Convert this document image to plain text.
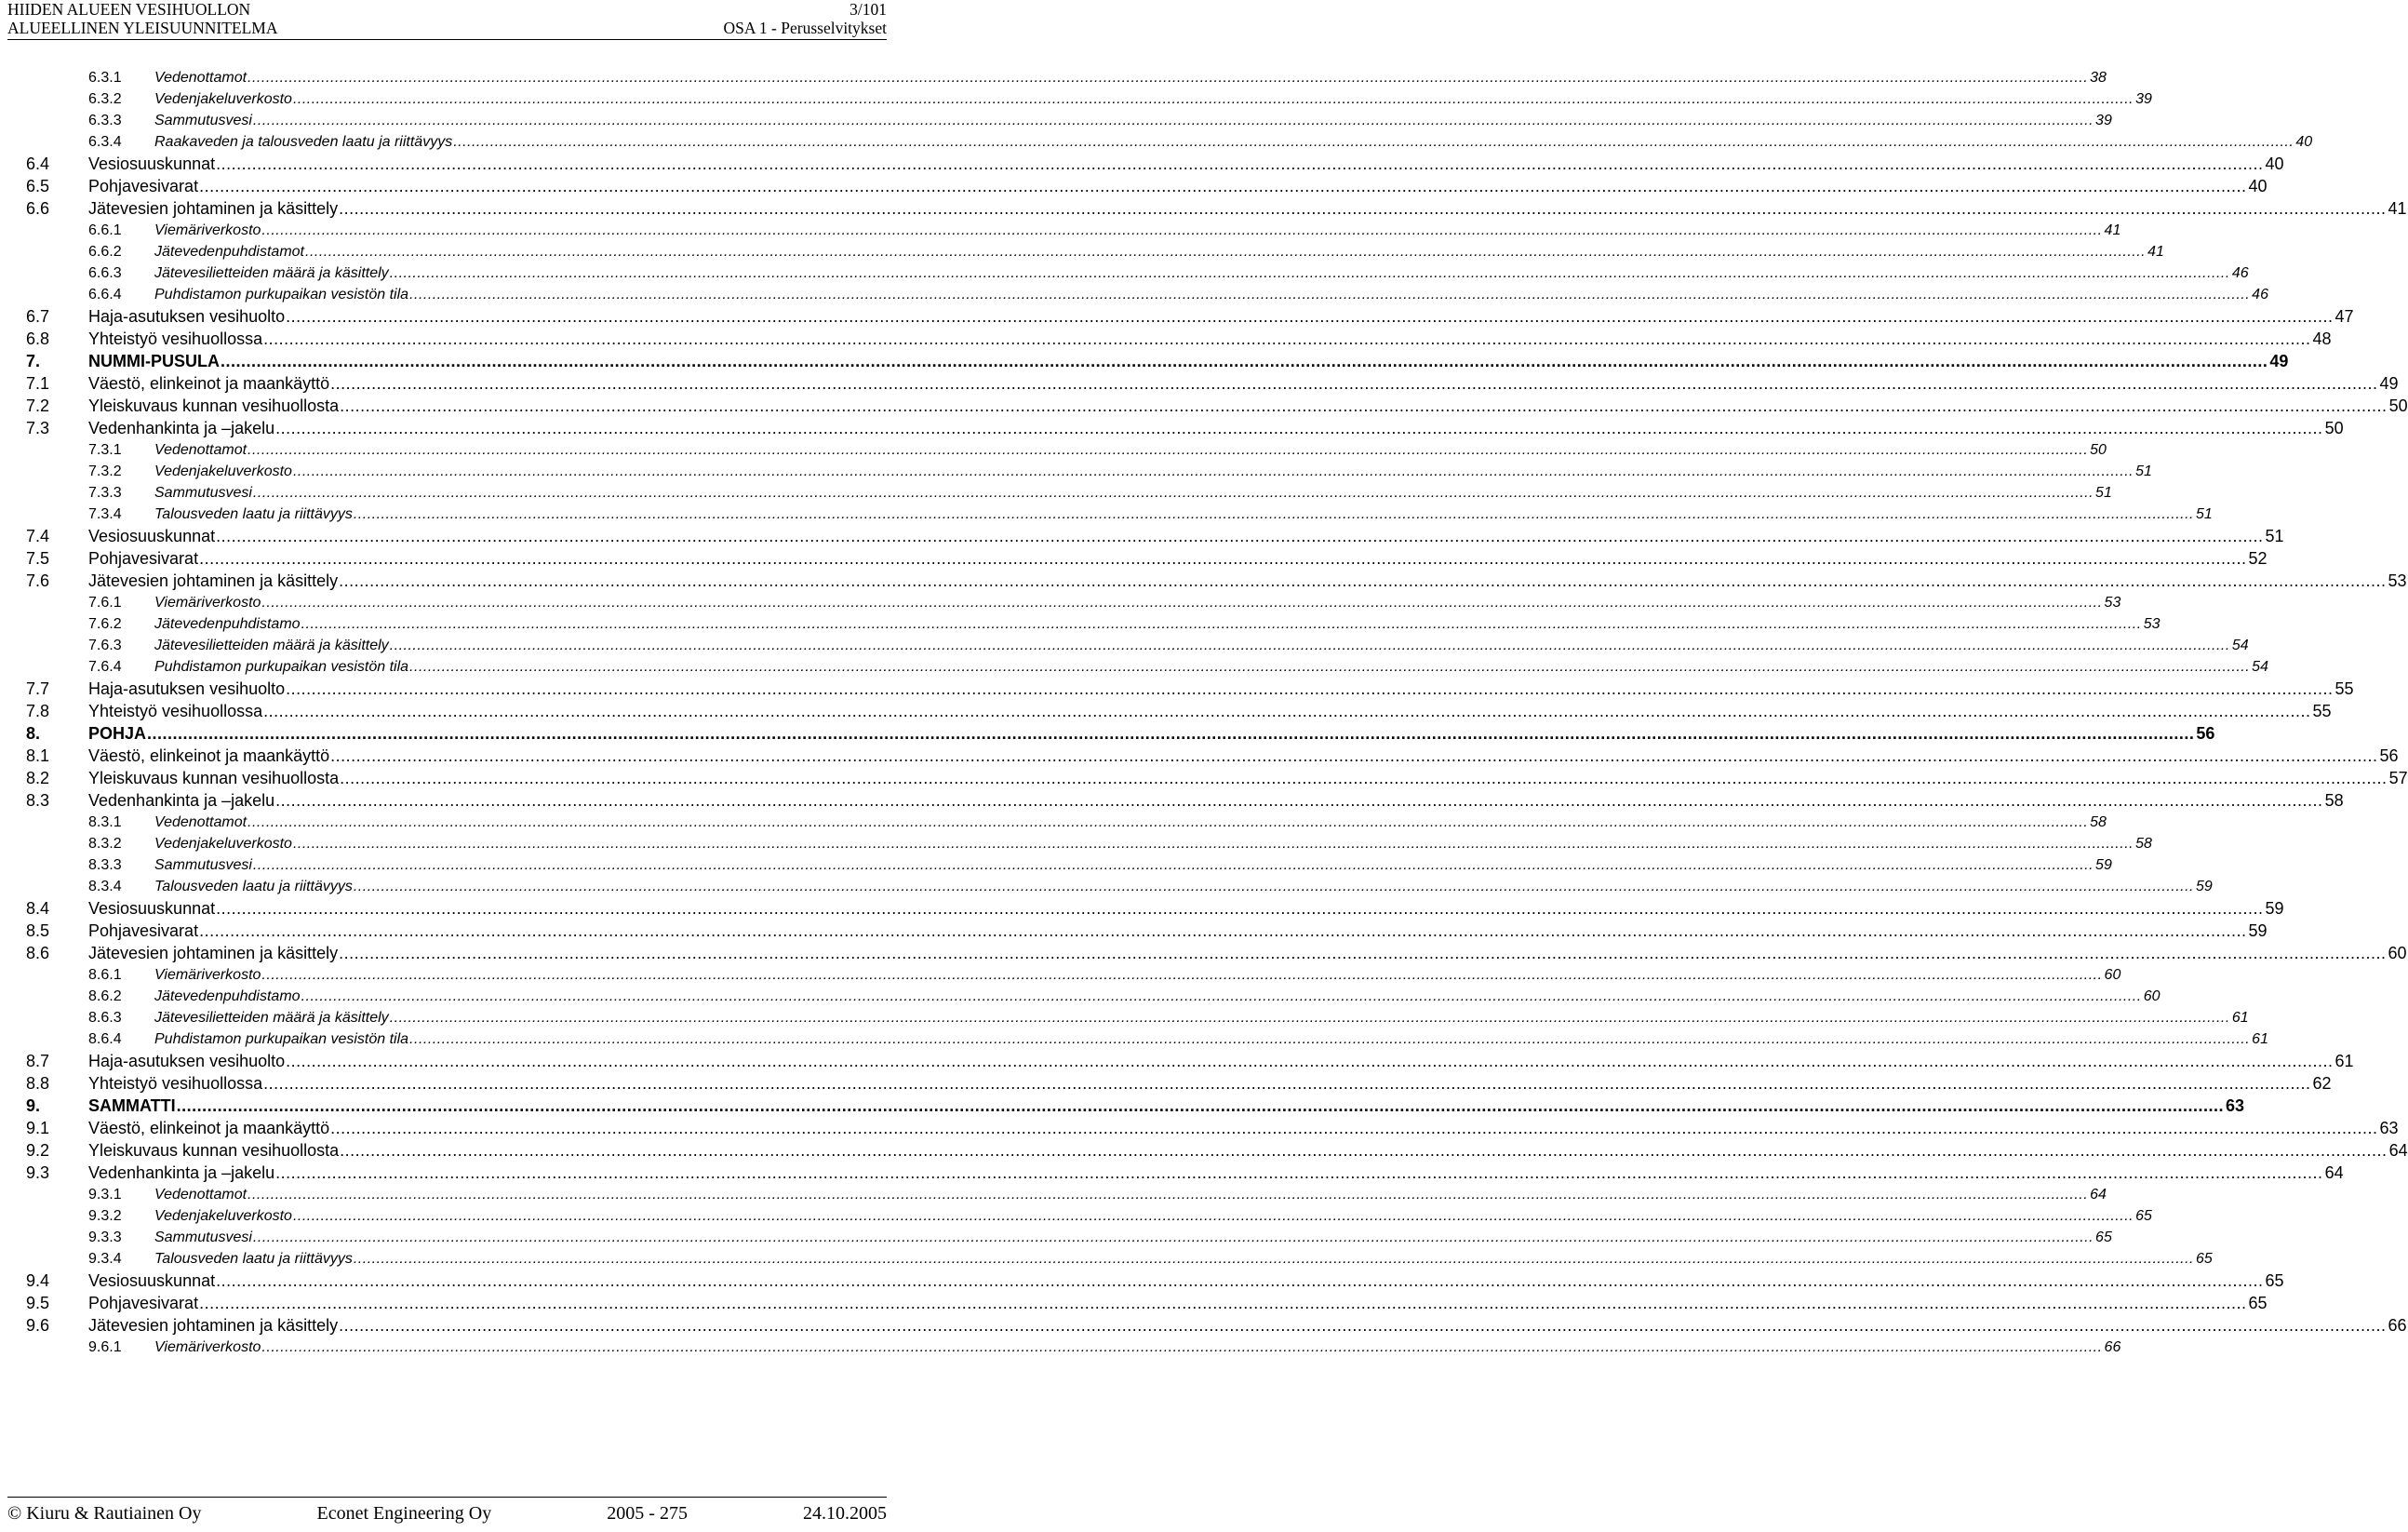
HIIDEN ALUEEN VESIHUOLLON	3/101
ALUEELLINEN YLEISUUNNITELMA	OSA 1 - Perusselvitykset
6.3.1	Vedenottamot ................................................................................................................................................................................................................................................................................................................................................................................................................ 38
6.3.2	Vedenjakeluverkosto ................................................................................................................................................................................................................................................................................................................................................................................................................ 39
6.3.3	Sammutusvesi ................................................................................................................................................................................................................................................................................................................................................................................................................ 39
6.3.4	Raakaveden ja talousveden laatu ja riittävyys ................................................................................................................................................................................................................................................................................................................................................................................................................ 40
6.4	Vesiosuuskunnat ................................................................................................................................................................................................................................................................................................................................................................................................................ 40
6.5	Pohjavesivarat ................................................................................................................................................................................................................................................................................................................................................................................................................ 40
6.6	Jätevesien johtaminen ja käsittely ................................................................................................................................................................................................................................................................................................................................................................................................................ 41
6.6.1	Viemäriverkosto ................................................................................................................................................................................................................................................................................................................................................................................................................ 41
6.6.2	Jätevedenpuhdistamot ................................................................................................................................................................................................................................................................................................................................................................................................................ 41
6.6.3	Jätevesilietteiden määrä ja käsittely ................................................................................................................................................................................................................................................................................................................................................................................................................ 46
6.6.4	Puhdistamon purkupaikan vesistön tila ................................................................................................................................................................................................................................................................................................................................................................................................................ 46
6.7	Haja-asutuksen vesihuolto ................................................................................................................................................................................................................................................................................................................................................................................................................ 47
6.8	Yhteistyö vesihuollossa ................................................................................................................................................................................................................................................................................................................................................................................................................ 48
7.	NUMMI-PUSULA ................................................................................................................................................................................................................................................................................................................................................................................................................ 49
7.1	Väestö, elinkeinot ja maankäyttö ................................................................................................................................................................................................................................................................................................................................................................................................................ 49
7.2	Yleiskuvaus kunnan vesihuollosta ................................................................................................................................................................................................................................................................................................................................................................................................................ 50
7.3	Vedenhankinta ja –jakelu ................................................................................................................................................................................................................................................................................................................................................................................................................ 50
7.3.1	Vedenottamot ................................................................................................................................................................................................................................................................................................................................................................................................................ 50
7.3.2	Vedenjakeluverkosto ................................................................................................................................................................................................................................................................................................................................................................................................................ 51
7.3.3	Sammutusvesi ................................................................................................................................................................................................................................................................................................................................................................................................................ 51
7.3.4	Talousveden laatu ja riittävyys ................................................................................................................................................................................................................................................................................................................................................................................................................ 51
7.4	Vesiosuuskunnat ................................................................................................................................................................................................................................................................................................................................................................................................................ 51
7.5	Pohjavesivarat ................................................................................................................................................................................................................................................................................................................................................................................................................ 52
7.6	Jätevesien johtaminen ja käsittely ................................................................................................................................................................................................................................................................................................................................................................................................................ 53
7.6.1	Viemäriverkosto ................................................................................................................................................................................................................................................................................................................................................................................................................ 53
7.6.2	Jätevedenpuhdistamo ................................................................................................................................................................................................................................................................................................................................................................................................................ 53
7.6.3	Jätevesilietteiden määrä ja käsittely ................................................................................................................................................................................................................................................................................................................................................................................................................ 54
7.6.4	Puhdistamon purkupaikan vesistön tila ................................................................................................................................................................................................................................................................................................................................................................................................................ 54
7.7	Haja-asutuksen vesihuolto ................................................................................................................................................................................................................................................................................................................................................................................................................ 55
7.8	Yhteistyö vesihuollossa ................................................................................................................................................................................................................................................................................................................................................................................................................ 55
8.	POHJA ................................................................................................................................................................................................................................................................................................................................................................................................................ 56
8.1	Väestö, elinkeinot ja maankäyttö ................................................................................................................................................................................................................................................................................................................................................................................................................ 56
8.2	Yleiskuvaus kunnan vesihuollosta ................................................................................................................................................................................................................................................................................................................................................................................................................ 57
8.3	Vedenhankinta ja –jakelu ................................................................................................................................................................................................................................................................................................................................................................................................................ 58
8.3.1	Vedenottamot ................................................................................................................................................................................................................................................................................................................................................................................................................ 58
8.3.2	Vedenjakeluverkosto ................................................................................................................................................................................................................................................................................................................................................................................................................ 58
8.3.3	Sammutusvesi ................................................................................................................................................................................................................................................................................................................................................................................................................ 59
8.3.4	Talousveden laatu ja riittävyys ................................................................................................................................................................................................................................................................................................................................................................................................................ 59
8.4	Vesiosuuskunnat ................................................................................................................................................................................................................................................................................................................................................................................................................ 59
8.5	Pohjavesivarat ................................................................................................................................................................................................................................................................................................................................................................................................................ 59
8.6	Jätevesien johtaminen ja käsittely ................................................................................................................................................................................................................................................................................................................................................................................................................ 60
8.6.1	Viemäriverkosto ................................................................................................................................................................................................................................................................................................................................................................................................................ 60
8.6.2	Jätevedenpuhdistamo ................................................................................................................................................................................................................................................................................................................................................................................................................ 60
8.6.3	Jätevesilietteiden määrä ja käsittely ................................................................................................................................................................................................................................................................................................................................................................................................................ 61
8.6.4	Puhdistamon purkupaikan vesistön tila ................................................................................................................................................................................................................................................................................................................................................................................................................ 61
8.7	Haja-asutuksen vesihuolto ................................................................................................................................................................................................................................................................................................................................................................................................................ 61
8.8	Yhteistyö vesihuollossa ................................................................................................................................................................................................................................................................................................................................................................................................................ 62
9.	SAMMATTI ................................................................................................................................................................................................................................................................................................................................................................................................................ 63
9.1	Väestö, elinkeinot ja maankäyttö ................................................................................................................................................................................................................................................................................................................................................................................................................ 63
9.2	Yleiskuvaus kunnan vesihuollosta ................................................................................................................................................................................................................................................................................................................................................................................................................ 64
9.3	Vedenhankinta ja –jakelu ................................................................................................................................................................................................................................................................................................................................................................................................................ 64
9.3.1	Vedenottamot ................................................................................................................................................................................................................................................................................................................................................................................................................ 64
9.3.2	Vedenjakeluverkosto ................................................................................................................................................................................................................................................................................................................................................................................................................ 65
9.3.3	Sammutusvesi ................................................................................................................................................................................................................................................................................................................................................................................................................ 65
9.3.4	Talousveden laatu ja riittävyys ................................................................................................................................................................................................................................................................................................................................................................................................................ 65
9.4	Vesiosuuskunnat ................................................................................................................................................................................................................................................................................................................................................................................................................ 65
9.5	Pohjavesivarat ................................................................................................................................................................................................................................................................................................................................................................................................................ 65
9.6	Jätevesien johtaminen ja käsittely ................................................................................................................................................................................................................................................................................................................................................................................................................ 66
9.6.1	Viemäriverkosto ................................................................................................................................................................................................................................................................................................................................................................................................................ 66
© Kiuru & Rautiainen Oy	Econet Engineering Oy	2005 - 275	24.10.2005
